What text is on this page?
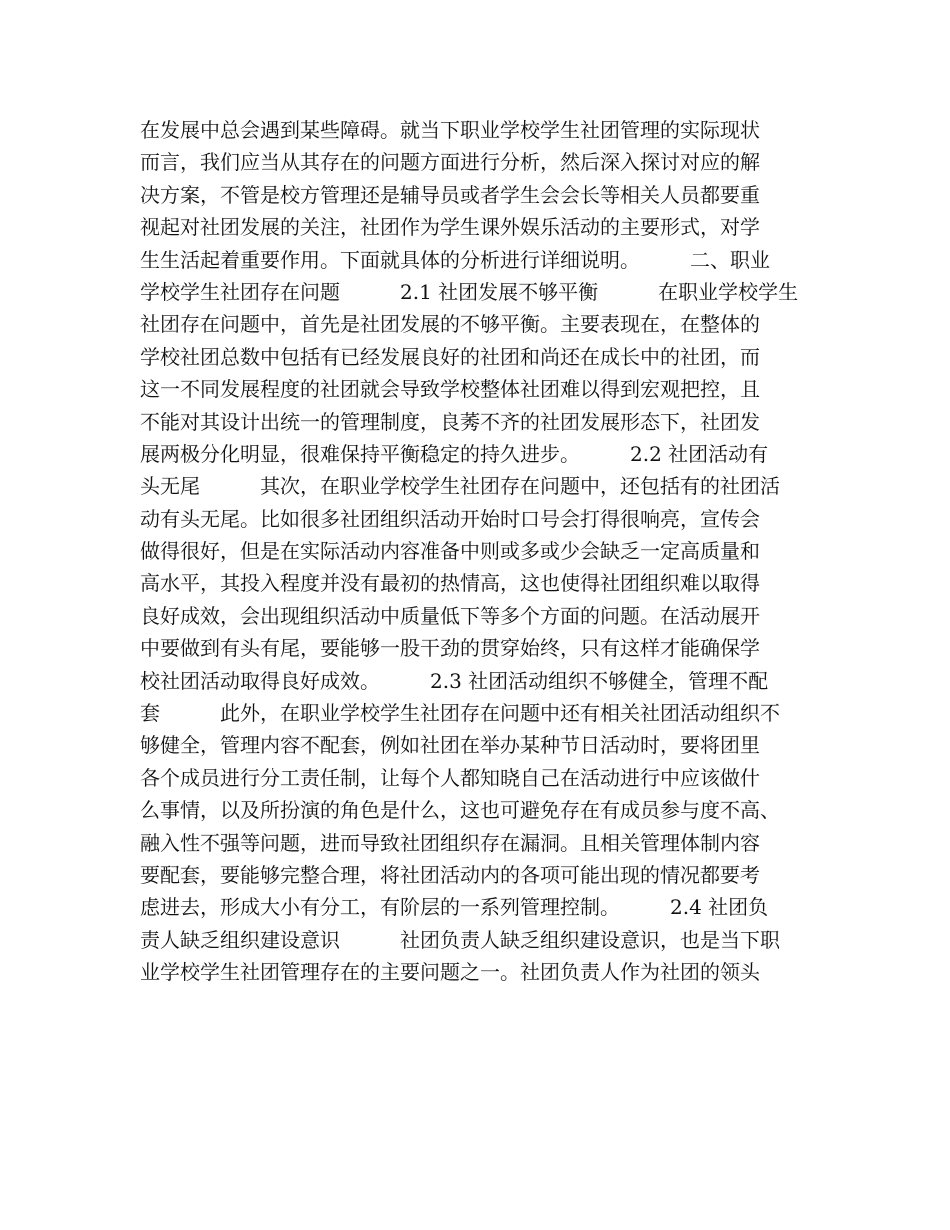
在发展中总会遇到某些障碍。就当下职业学校学生社团管理的实际现状
而言，我们应当从其存在的问题方面进行分析，然后深入探讨对应的解
决方案，不管是校方管理还是辅导员或者学生会会长等相关人员都要重
视起对社团发展的关注，社团作为学生课外娱乐活动的主要形式，对学
生生活起着重要作用。下面就具体的分析进行详细说明。　　　二、职业
学校学生社团存在问题　　　2.1 社团发展不够平衡　　　在职业学校学生
社团存在问题中，首先是社团发展的不够平衡。主要表现在，在整体的
学校社团总数中包括有已经发展良好的社团和尚还在成长中的社团，而
这一不同发展程度的社团就会导致学校整体社团难以得到宏观把控，且
不能对其设计出统一的管理制度，良莠不齐的社团发展形态下，社团发
展两极分化明显，很难保持平衡稳定的持久进步。　　　2.2 社团活动有
头无尾　　　其次，在职业学校学生社团存在问题中，还包括有的社团活
动有头无尾。比如很多社团组织活动开始时口号会打得很响亮，宣传会
做得很好，但是在实际活动内容准备中则或多或少会缺乏一定高质量和
高水平，其投入程度并没有最初的热情高，这也使得社团组织难以取得
良好成效，会出现组织活动中质量低下等多个方面的问题。在活动展开
中要做到有头有尾，要能够一股干劲的贯穿始终，只有这样才能确保学
校社团活动取得良好成效。　　　2.3 社团活动组织不够健全，管理不配
套　　　此外，在职业学校学生社团存在问题中还有相关社团活动组织不
够健全，管理内容不配套，例如社团在举办某种节日活动时，要将团里
各个成员进行分工责任制，让每个人都知晓自己在活动进行中应该做什
么事情，以及所扮演的角色是什么，这也可避免存在有成员参与度不高、
融入性不强等问题，进而导致社团组织存在漏洞。且相关管理体制内容
要配套，要能够完整合理，将社团活动内的各项可能出现的情况都要考
虑进去，形成大小有分工，有阶层的一系列管理控制。　　　2.4 社团负
责人缺乏组织建设意识　　　社团负责人缺乏组织建设意识，也是当下职
业学校学生社团管理存在的主要问题之一。社团负责人作为社团的领头
